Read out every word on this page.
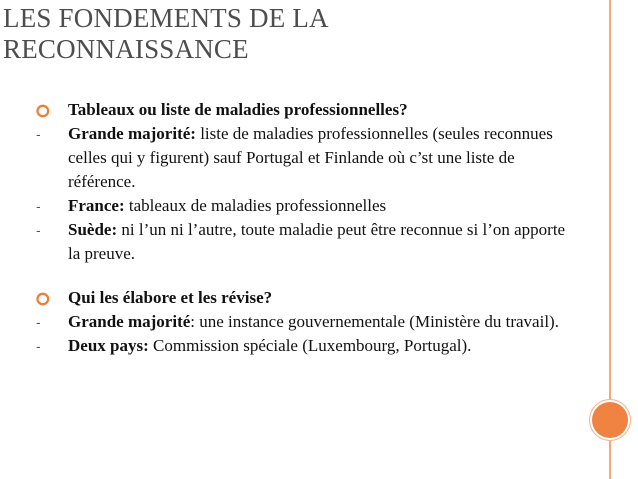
LES FONDEMENTS DE LA
RECONNAISSANCE
⭘ Tableaux ou liste de maladies professionnelles?
- Grande majorité: liste de maladies professionnelles (seules reconnues celles qui y figurent) sauf Portugal et Finlande où c’st une liste de référence.
- France: tableaux de maladies professionnelles
- Suède: ni l’un ni l’autre, toute maladie peut être reconnue si l’on apporte la preuve.
⭘ Qui les élabore et les révise?
- Grande majorité: une instance gouvernementale (Ministère du travail).
- Deux pays: Commission spéciale (Luxembourg, Portugal).
